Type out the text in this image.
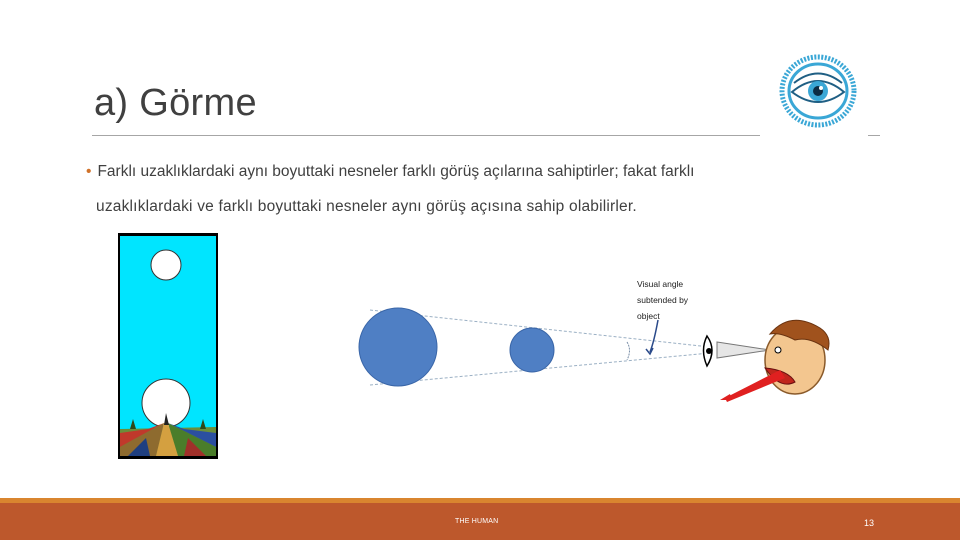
a) Görme
• Farklı uzaklıklardaki aynı boyuttaki nesneler farklı görüş açılarına sahiptirler; fakat farklı
uzaklıklardaki ve farklı boyuttaki nesneler aynı görüş açısına sahip olabilirler.
Visual angle
subtended by
object
THE HUMAN	13
